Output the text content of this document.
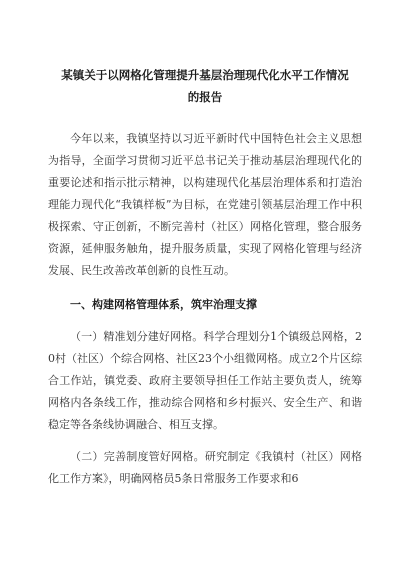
某镇关于以网格化管理提升基层治理现代化水平工作情况
的报告

今年以来，我镇坚持以习近平新时代中国特色社会主义思想为指导，全面学习贯彻习近平总书记关于推动基层治理现代化的重要论述和指示批示精神，以构建现代化基层治理体系和打造治理能力现代化“我镇样板”为目标，在党建引领基层治理工作中积极探索、守正创新，不断完善村（社区）网格化管理，整合服务资源，延伸服务触角，提升服务质量，实现了网格化管理与经济发展、民生改善改革创新的良性互动。

一、构建网格管理体系，筑牢治理支撑

（一）精准划分建好网格。科学合理划分1个镇级总网格，20村（社区）个综合网格、社区23个小组微网格。成立2个片区综合工作站，镇党委、政府主要领导担任工作站主要负责人，统筹网格内各条线工作，推动综合网格和乡村振兴、安全生产、和谐稳定等各条线协调融合、相互支撑。

（二）完善制度管好网格。研究制定《我镇村（社区）网格化工作方案》，明确网格员5条日常服务工作要求和6
